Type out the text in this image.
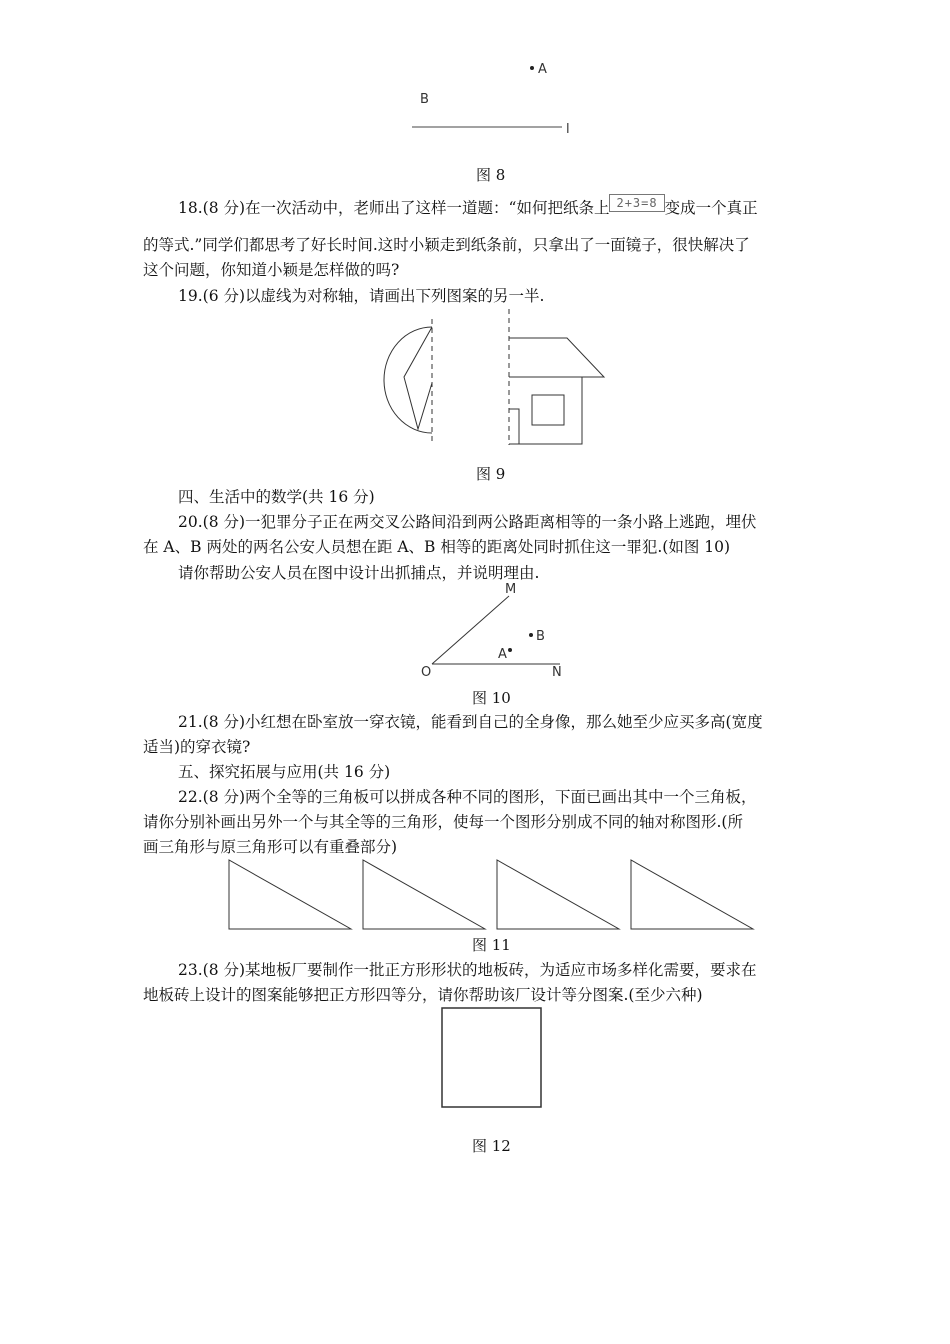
A
B
l
图 8
18.(8 分)在一次活动中，老师出了这样一道题：“如何把纸条上 2+3=8 变成一个真正
的等式.”同学们都思考了好长时间.这时小颖走到纸条前，只拿出了一面镜子，很快解决了
这个问题，你知道小颖是怎样做的吗?
19.(6 分)以虚线为对称轴，请画出下列图案的另一半.
图 9
四、生活中的数学(共 16 分)
20.(8 分)一犯罪分子正在两交叉公路间沿到两公路距离相等的一条小路上逃跑，埋伏
在 A、B 两处的两名公安人员想在距 A、B 相等的距离处同时抓住这一罪犯.(如图 10)
请你帮助公安人员在图中设计出抓捕点，并说明理由.
M
O	N
B
A
图 10
21.(8 分)小红想在卧室放一穿衣镜，能看到自己的全身像，那么她至少应买多高(宽度
适当)的穿衣镜?
五、探究拓展与应用(共 16 分)
22.(8 分)两个全等的三角板可以拼成各种不同的图形，下面已画出其中一个三角板，
请你分别补画出另外一个与其全等的三角形，使每一个图形分别成不同的轴对称图形.(所
画三角形与原三角形可以有重叠部分)
图 11
23.(8 分)某地板厂要制作一批正方形形状的地板砖，为适应市场多样化需要，要求在
地板砖上设计的图案能够把正方形四等分，请你帮助该厂设计等分图案.(至少六种)
图 12
